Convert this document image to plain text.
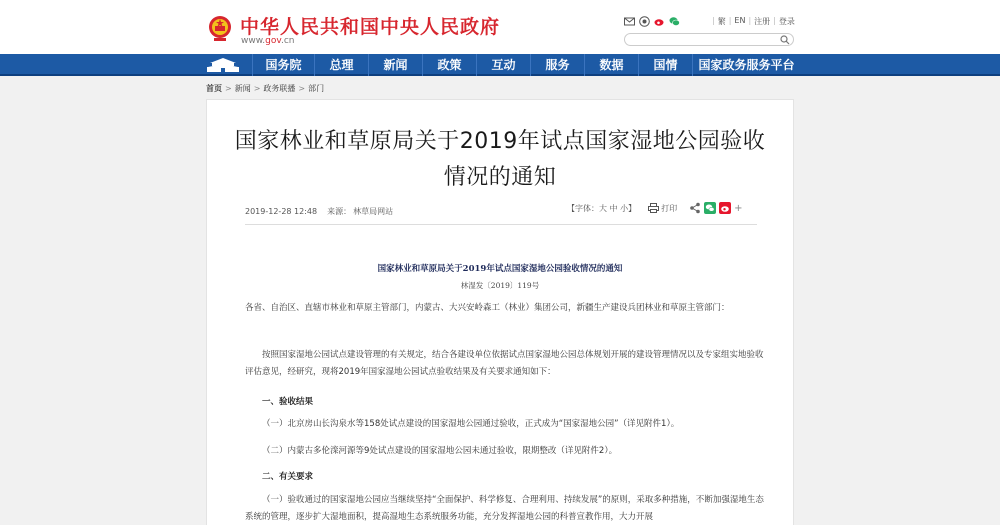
中华人民共和国中央人民政府
www.gov.cn
| 繁 | EN | 注册 | 登录
国务院	总理	新闻	政策	互动	服务	数据	国情	国家政务服务平台
首页 > 新闻 > 政务联播 > 部门
国家林业和草原局关于2019年试点国家湿地公园验收
情况的通知
2019-12-28 12:48 来源： 林草局网站	【字体：大 中 小】	打印	+
国家林业和草原局关于2019年试点国家湿地公园验收情况的通知
林湿发〔2019〕119号
各省、自治区、直辖市林业和草原主管部门，内蒙古、大兴安岭森工（林业）集团公司，新疆生产建设兵团林业和草原主管部门：
按照国家湿地公园试点建设管理的有关规定，结合各建设单位依据试点国家湿地公园总体规划开展的建设管理情况以及专家组实地验收评估意见，经研究，现将2019年国家湿地公园试点验收结果及有关要求通知如下：
一、验收结果
（一）北京房山长沟泉水等158处试点建设的国家湿地公园通过验收，正式成为“国家湿地公园”（详见附件1）。
（二）内蒙古多伦滦河源等9处试点建设的国家湿地公园未通过验收，限期整改（详见附件2）。
二、有关要求
（一）验收通过的国家湿地公园应当继续坚持“全面保护、科学修复、合理利用、持续发展”的原则，采取多种措施，不断加强湿地生态系统的管理，逐步扩大湿地面积，提高湿地生态系统服务功能，充分发挥湿地公园的科普宣教作用，大力开展
